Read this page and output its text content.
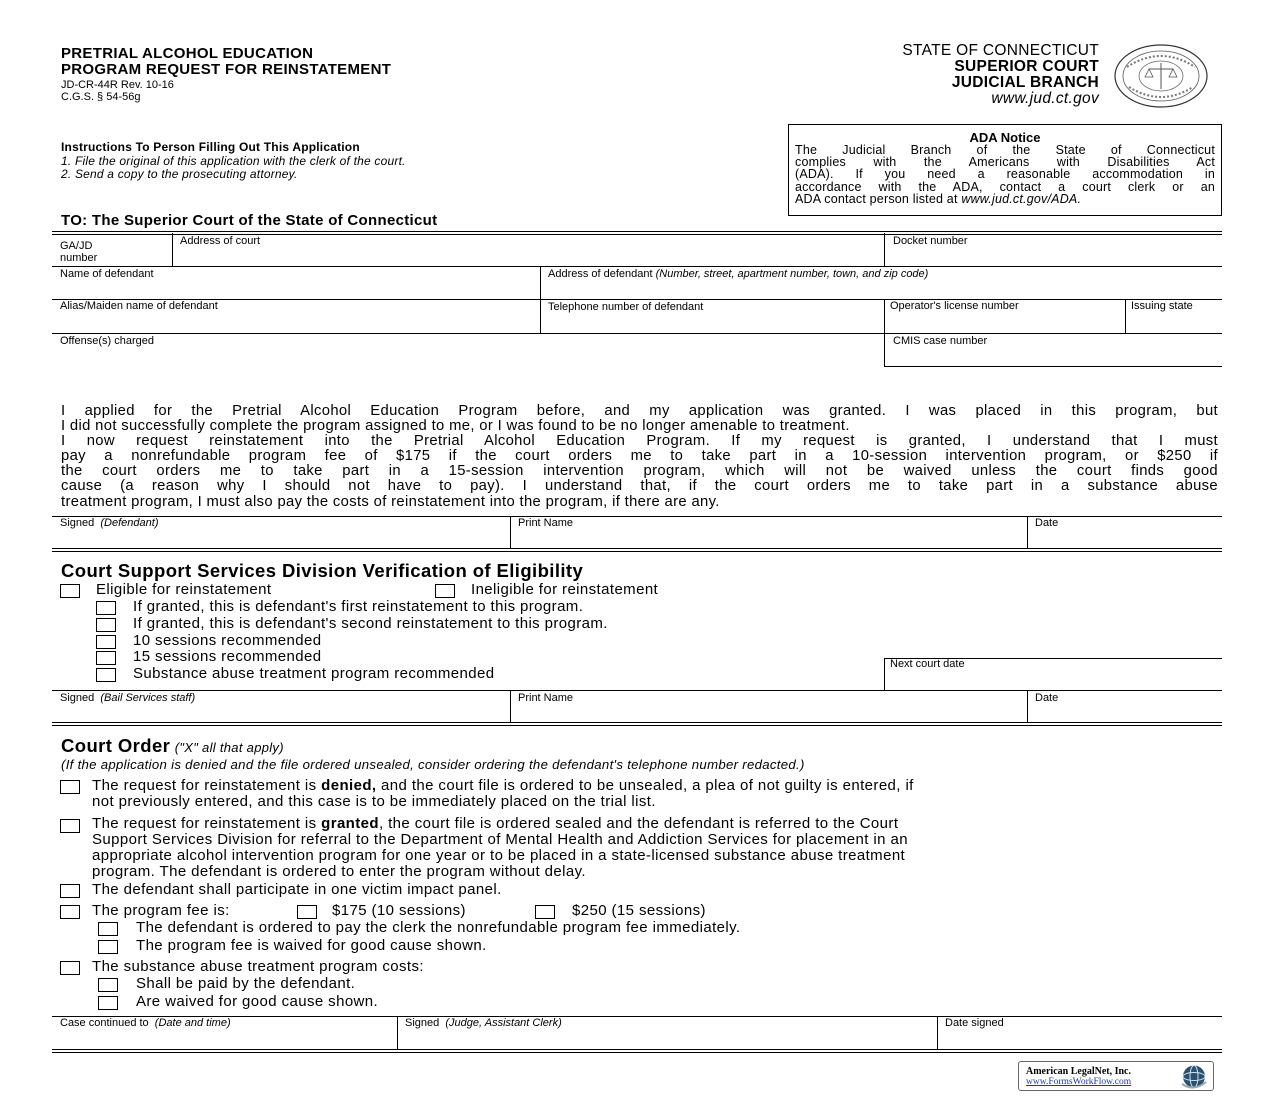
PRETRIAL ALCOHOL EDUCATION
PROGRAM REQUEST FOR REINSTATEMENT
JD-CR-44R Rev. 10-16
C.G.S. § 54-56g
STATE OF CONNECTICUT
SUPERIOR COURT
JUDICIAL BRANCH
www.jud.ct.gov
Instructions To Person Filling Out This Application
1. File the original of this application with the clerk of the court.
2. Send a copy to the prosecuting attorney.
ADA Notice
The Judicial Branch of the State of Connecticut
complies with the Americans with Disabilities Act
(ADA). If you need a reasonable accommodation in
accordance with the ADA, contact a court clerk or an
ADA contact person listed at www.jud.ct.gov/ADA.
TO: The Superior Court of the State of Connecticut
GA/JD
number
Address of court	Docket number
Name of defendant	Address of defendant (Number, street, apartment number, town, and zip code)
Alias/Maiden name of defendant	Telephone number of defendant	Operator's license number	Issuing state
Offense(s) charged	CMIS case number
I applied for the Pretrial Alcohol Education Program before, and my application was granted. I was placed in this program, but
I did not successfully complete the program assigned to me, or I was found to be no longer amenable to treatment.
I now request reinstatement into the Pretrial Alcohol Education Program. If my request is granted, I understand that I must
pay a nonrefundable program fee of $175 if the court orders me to take part in a 10-session intervention program, or $250 if
the court orders me to take part in a 15-session intervention program, which will not be waived unless the court finds good
cause (a reason why I should not have to pay). I understand that, if the court orders me to take part in a substance abuse
treatment program, I must also pay the costs of reinstatement into the program, if there are any.
Signed (Defendant)	Print Name	Date
Court Support Services Division Verification of Eligibility
Eligible for reinstatement	Ineligible for reinstatement
If granted, this is defendant's first reinstatement to this program.
If granted, this is defendant's second reinstatement to this program.
10 sessions recommended
15 sessions recommended
Substance abuse treatment program recommended
Next court date
Signed (Bail Services staff)	Print Name	Date
Court Order ("X" all that apply)
(If the application is denied and the file ordered unsealed, consider ordering the defendant's telephone number redacted.)
The request for reinstatement is denied, and the court file is ordered to be unsealed, a plea of not guilty is entered, if
not previously entered, and this case is to be immediately placed on the trial list.
The request for reinstatement is granted, the court file is ordered sealed and the defendant is referred to the Court
Support Services Division for referral to the Department of Mental Health and Addiction Services for placement in an
appropriate alcohol intervention program for one year or to be placed in a state-licensed substance abuse treatment
program. The defendant is ordered to enter the program without delay.
The defendant shall participate in one victim impact panel.
The program fee is:	$175 (10 sessions)	$250 (15 sessions)
The defendant is ordered to pay the clerk the nonrefundable program fee immediately.
The program fee is waived for good cause shown.
The substance abuse treatment program costs:
Shall be paid by the defendant.
Are waived for good cause shown.
Case continued to (Date and time)	Signed (Judge, Assistant Clerk)	Date signed
American LegalNet, Inc.
www.FormsWorkFlow.com
